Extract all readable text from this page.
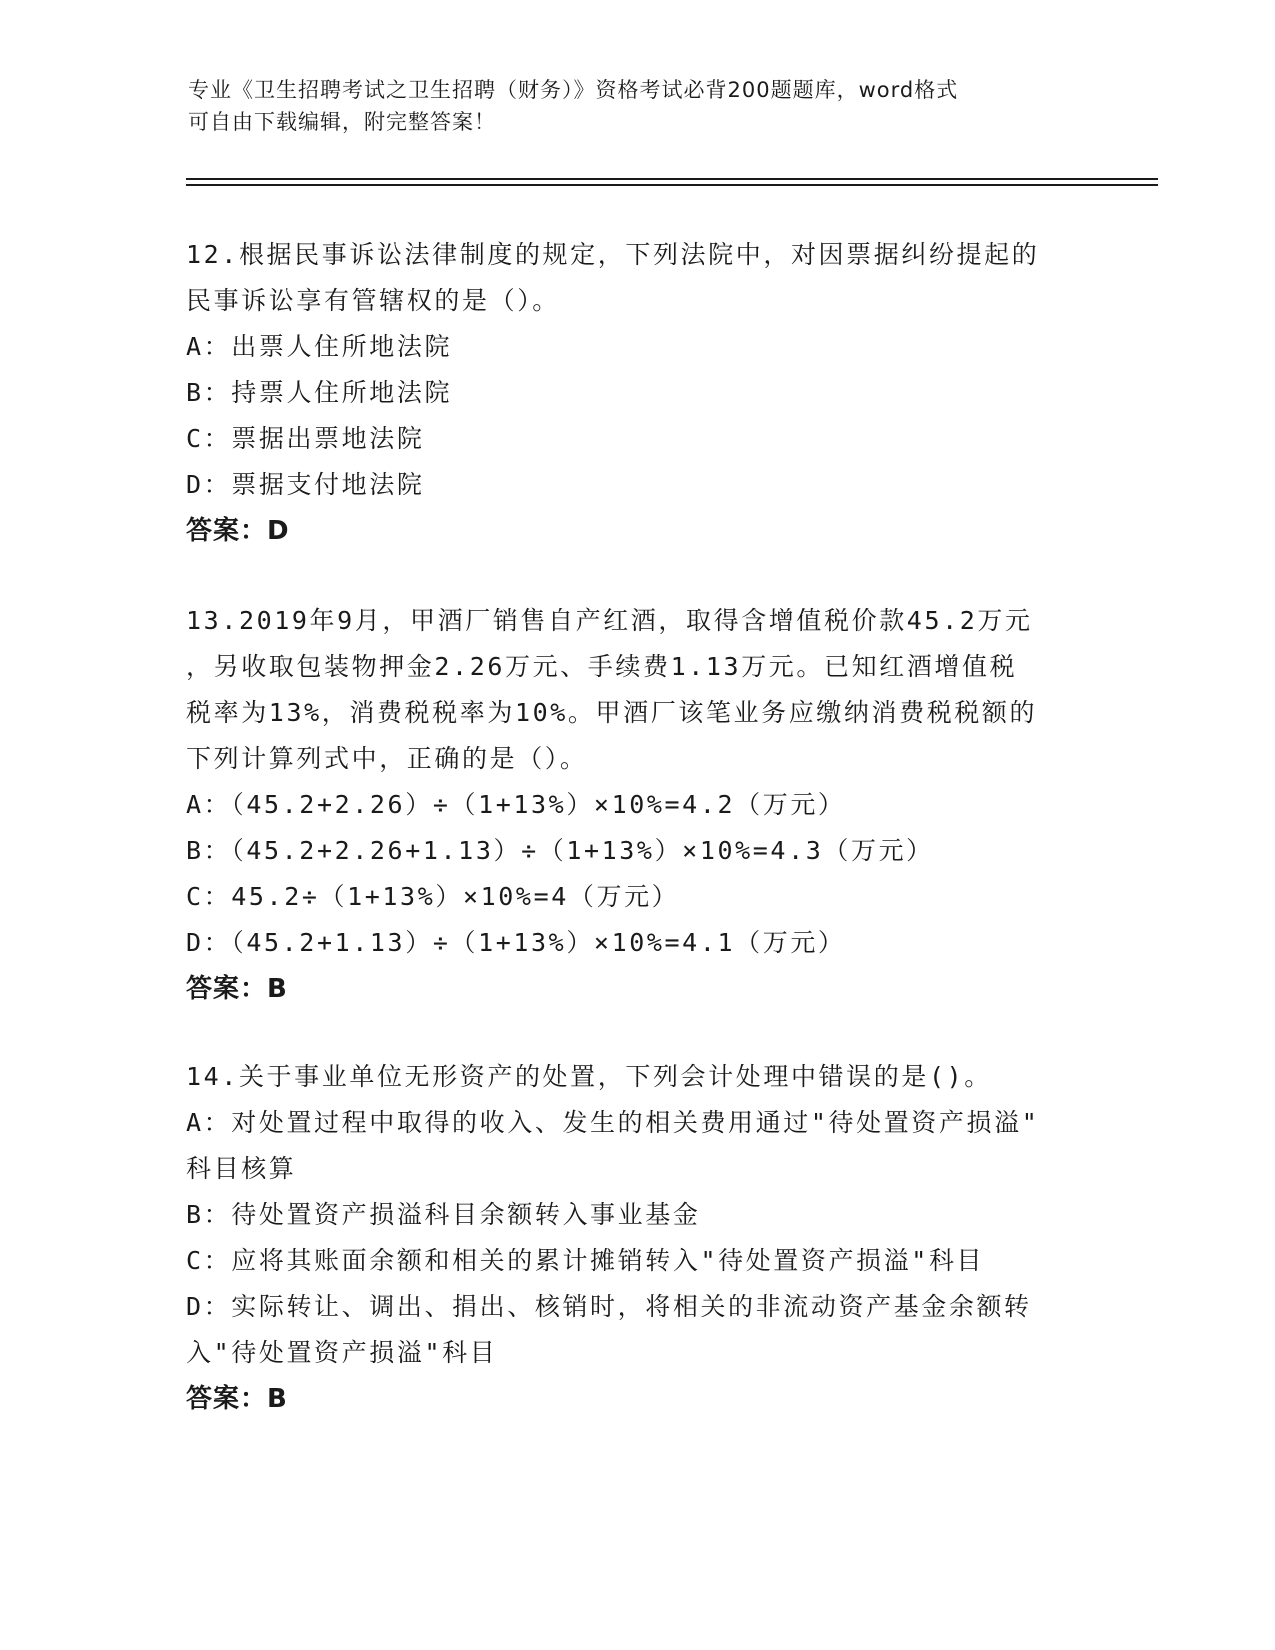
专业《卫生招聘考试之卫生招聘（财务）》资格考试必背200题题库，word格式
可自由下载编辑，附完整答案！
12.根据民事诉讼法律制度的规定，下列法院中，对因票据纠纷提起的
民事诉讼享有管辖权的是（）。
A：出票人住所地法院
B：持票人住所地法院
C：票据出票地法院
D：票据支付地法院
答案：D
13.2019年9月，甲酒厂销售自产红酒，取得含增值税价款45.2万元
，另收取包装物押金2.26万元、手续费1.13万元。已知红酒增值税
税率为13%，消费税税率为10%。甲酒厂该笔业务应缴纳消费税税额的
下列计算列式中，正确的是（）。
A：（45.2+2.26）÷（1+13%）×10%=4.2（万元）
B：（45.2+2.26+1.13）÷（1+13%）×10%=4.3（万元）
C：45.2÷（1+13%）×10%=4（万元）
D：（45.2+1.13）÷（1+13%）×10%=4.1（万元）
答案：B
14.关于事业单位无形资产的处置，下列会计处理中错误的是()。
A：对处置过程中取得的收入、发生的相关费用通过"待处置资产损溢"
科目核算
B：待处置资产损溢科目余额转入事业基金
C：应将其账面余额和相关的累计摊销转入"待处置资产损溢"科目
D：实际转让、调出、捐出、核销时，将相关的非流动资产基金余额转
入"待处置资产损溢"科目
答案：B
